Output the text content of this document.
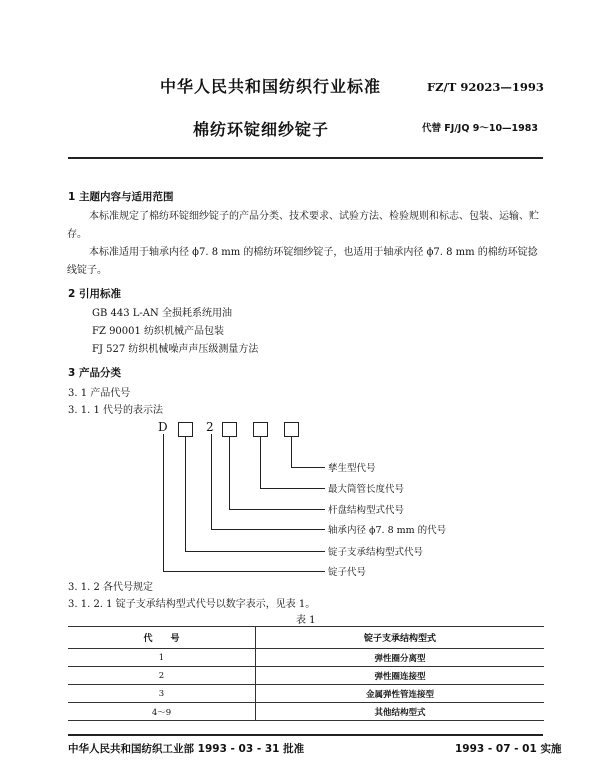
中华人民共和国纺织行业标准	FZ/T 92023—1993
棉纺环锭细纱锭子	代替 FJ/JQ 9～10—1983
1 主题内容与适用范围
本标准规定了棉纺环锭细纱锭子的产品分类、技术要求、试验方法、检验规则和标志、包装、运输、贮存。
本标准适用于轴承内径 ϕ7. 8 mm 的棉纺环锭细纱锭子，也适用于轴承内径 ϕ7. 8 mm 的棉纺环锭捻线锭子。
2 引用标准
GB 443 L-AN 全损耗系统用油
FZ 90001 纺织机械产品包装
FJ 527 纺织机械噪声声压级测量方法
3 产品分类
3. 1 产品代号
3. 1. 1 代号的表示法
D	2
孳生型代号
最大筒管长度代号
杆盘结构型式代号
轴承内径 ϕ7. 8 mm 的代号
锭子支承结构型式代号
锭子代号
3. 1. 2 各代号规定
3. 1. 2. 1 锭子支承结构型式代号以数字表示，见表 1。
表 1
代　　号	锭子支承结构型式
1	弹性圈分离型
2	弹性圈连接型
3	金属弹性管连接型
4～9	其他结构型式
中华人民共和国纺织工业部 1993 - 03 - 31 批准	1993 - 07 - 01 实施
